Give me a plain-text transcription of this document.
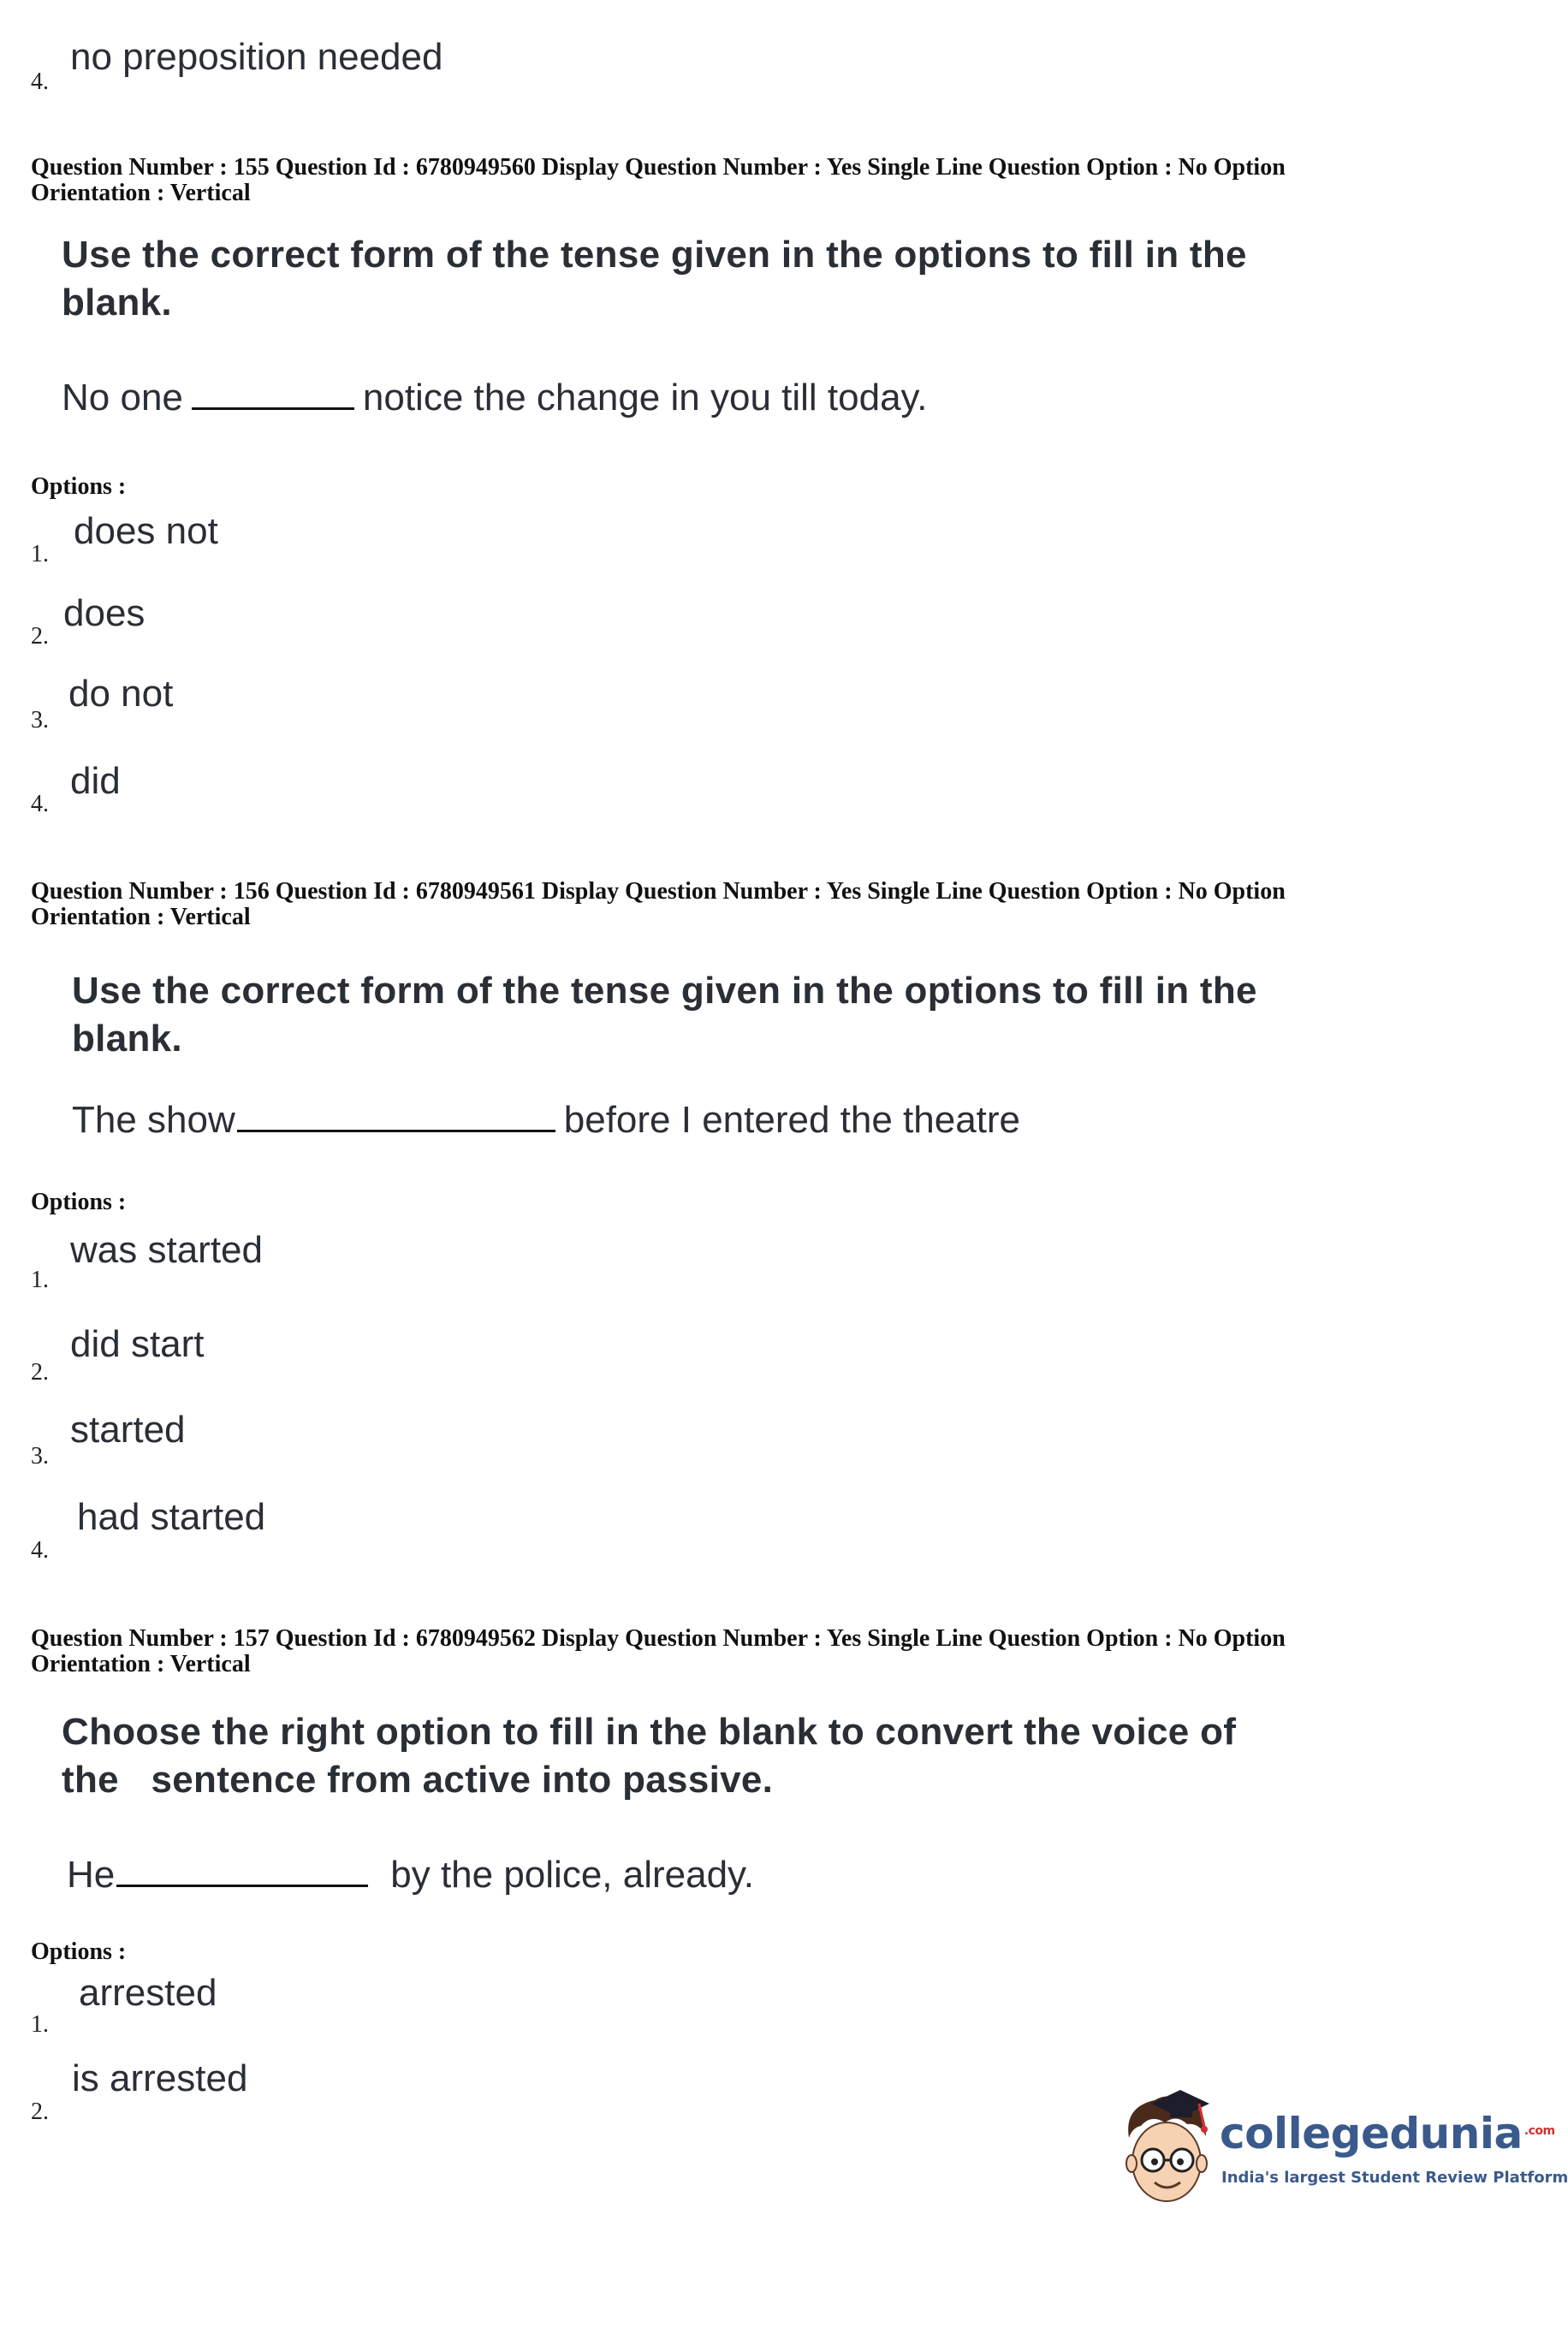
4.
no preposition needed
Question Number : 155 Question Id : 6780949560 Display Question Number : Yes Single Line Question Option : No Option
Orientation : Vertical
Use the correct form of the tense given in the options to fill in the
blank.
No one	notice the change in you till today.
Options :
1.
does not
2.
does
3.
do not
4.
did
Question Number : 156 Question Id : 6780949561 Display Question Number : Yes Single Line Question Option : No Option
Orientation : Vertical
Use the correct form of the tense given in the options to fill in the
blank.
The show	before I entered the theatre
Options :
1.
was started
2.
did start
3.
started
4.
had started
Question Number : 157 Question Id : 6780949562 Display Question Number : Yes Single Line Question Option : No Option
Orientation : Vertical
Choose the right option to fill in the blank to convert the voice of
the   sentence from active into passive.
He	by the police, already.
Options :
1.
arrested
2.
is arrested
collegedunia $^{.com}$
India's largest Student Review Platform
